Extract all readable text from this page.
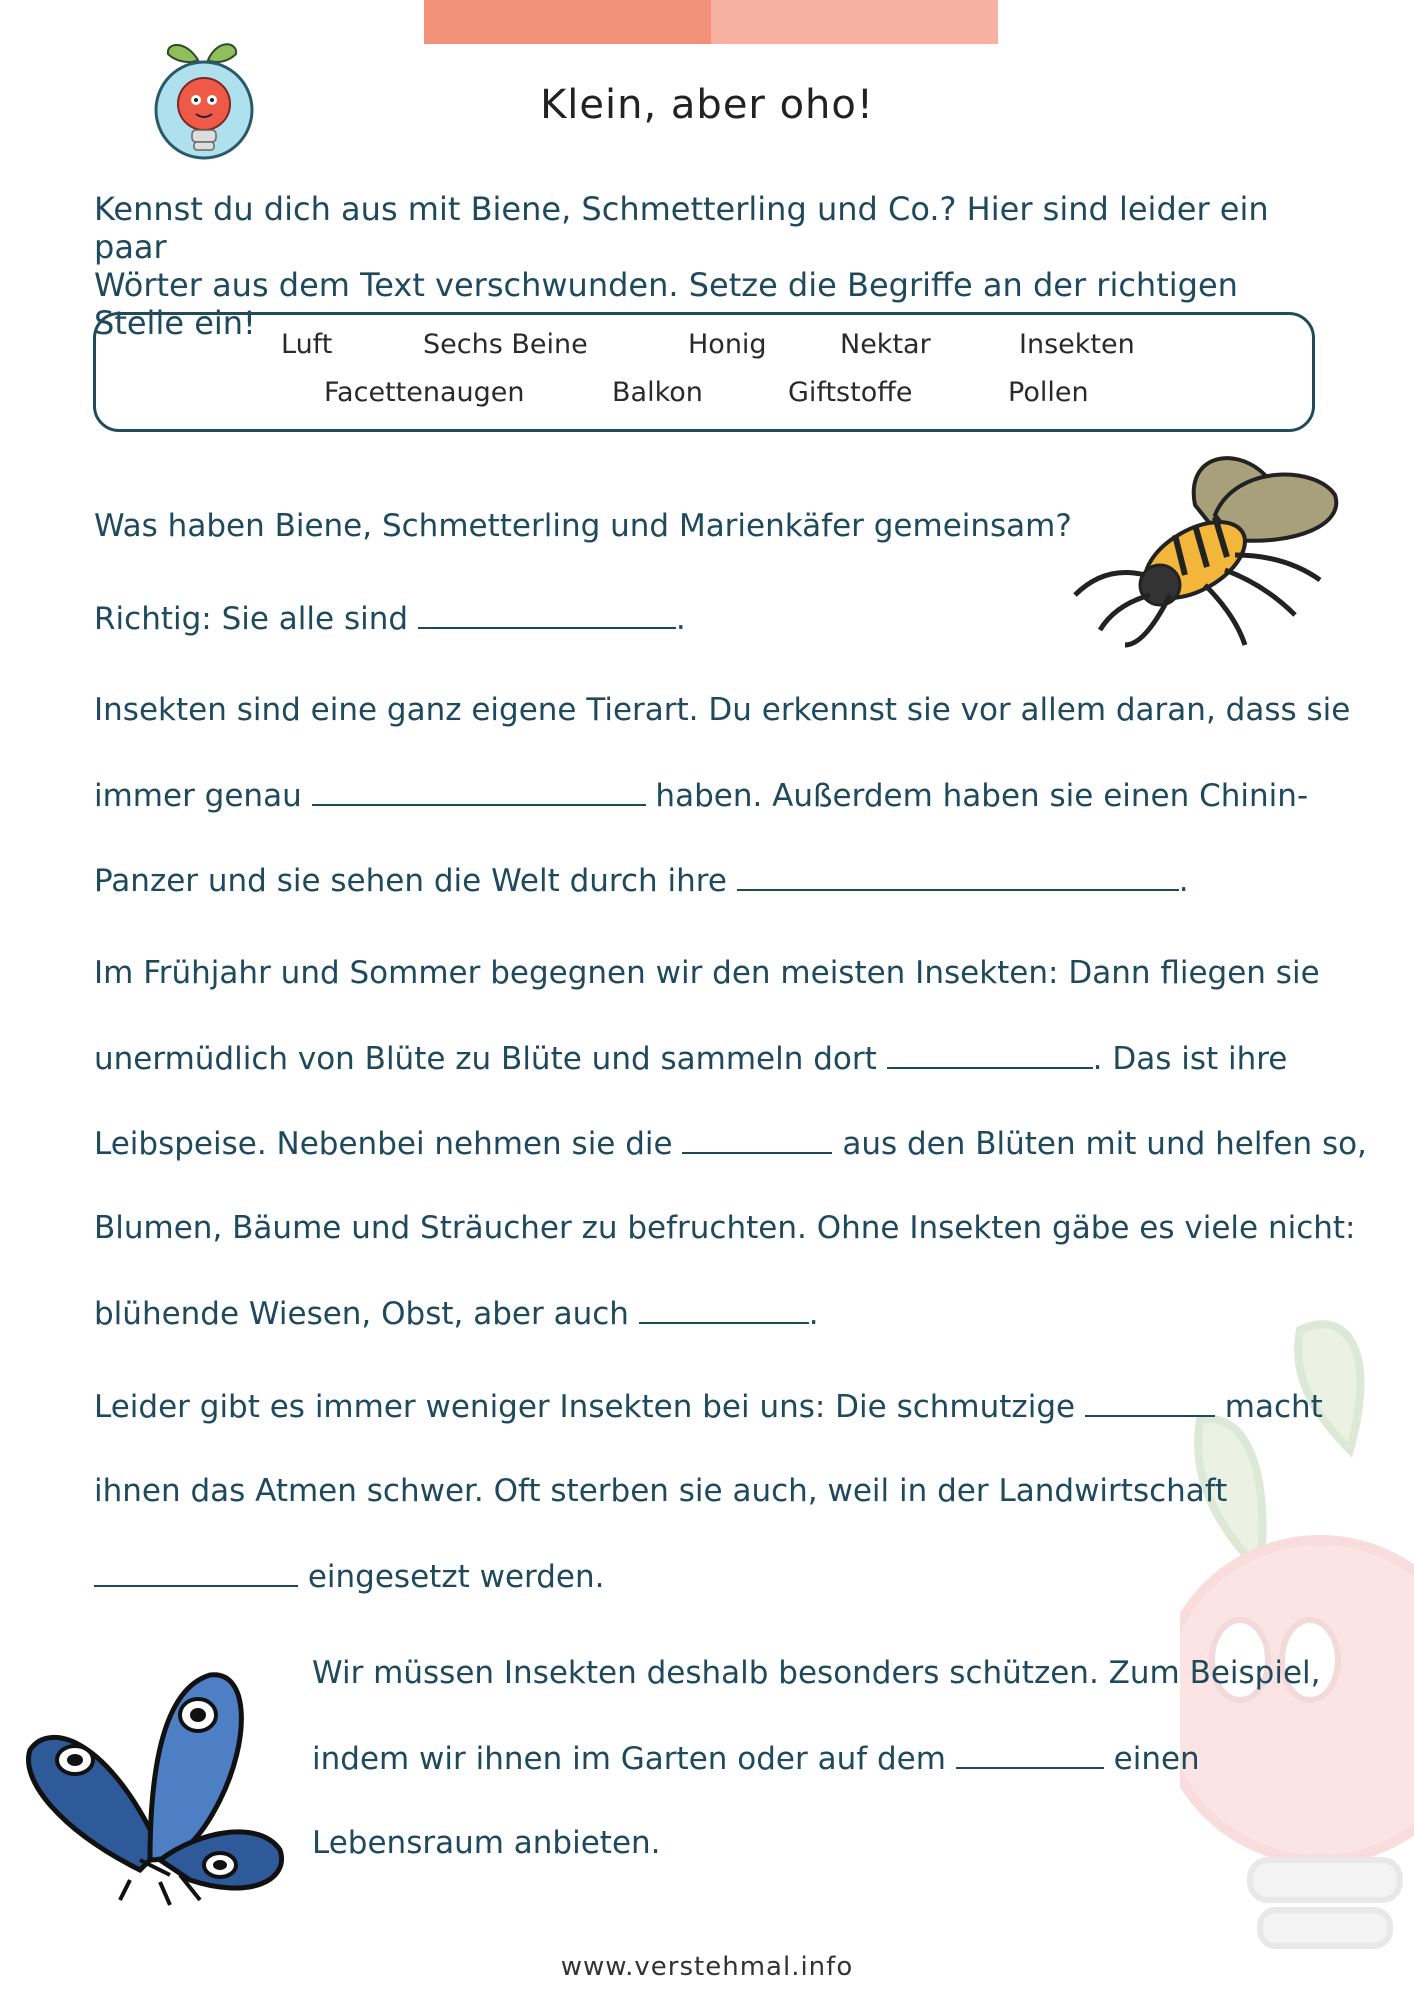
Klein, aber oho!

Kennst du dich aus mit Biene, Schmetterling und Co.? Hier sind leider ein paar

Wörter aus dem Text verschwunden. Setze die Begriffe an der richtigen Stelle ein!

Luft	Sechs Beine	Honig	Nektar	Insekten
Facettenaugen	Balkon	Giftstoffe	Pollen
Was haben Biene, Schmetterling und Marienkäfer gemeinsam?
Richtig: Sie alle sind	.
Insekten sind eine ganz eigene Tierart. Du erkennst sie vor allem daran, dass sie
immer genau	haben. Außerdem haben sie einen Chinin-
Panzer und sie sehen die Welt durch ihre	.
Im Frühjahr und Sommer begegnen wir den meisten Insekten: Dann fliegen sie
unermüdlich von Blüte zu Blüte und sammeln dort	. Das ist ihre
Leibspeise. Nebenbei nehmen sie die	aus den Blüten mit und helfen so,
Blumen, Bäume und Sträucher zu befruchten. Ohne Insekten gäbe es viele nicht:
blühende Wiesen, Obst, aber auch	.
Leider gibt es immer weniger Insekten bei uns: Die schmutzige	macht
ihnen das Atmen schwer. Oft sterben sie auch, weil in der Landwirtschaft
eingesetzt werden.
Wir müssen Insekten deshalb besonders schützen. Zum Beispiel,
indem wir ihnen im Garten oder auf dem	einen
Lebensraum anbieten.
www.verstehmal.info
